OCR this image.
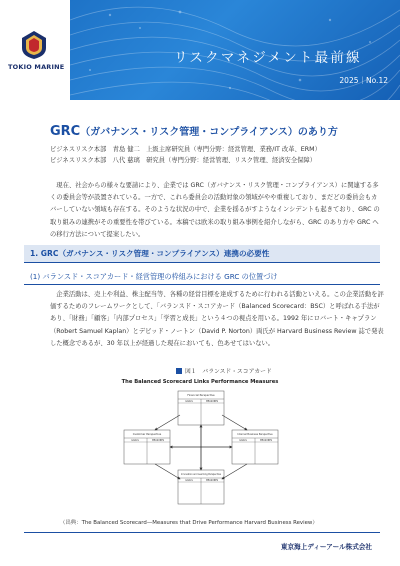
TOKIO MARINE
リスクマネジメント最前線
2025｜No.12
GRC（ガバナンス・リスク管理・コンプライアンス）のあり方
ビジネスリスク本部　青島 健二　上級主席研究員（専門分野：経営管理、業務/IT 改革、ERM）
ビジネスリスク本部　八代 慈璃　研究員（専門分野：経営管理、リスク管理、経済安全保障）
現在、社会からの様々な要請により、企業では GRC（ガバナンス・リスク管理・コンプライアンス）に関連する多くの委員会等が設置されている。一方で、これら委員会の活動対象の領域がやや重複しており、まだどの委員会もカバーしていない領域も存在する。そのような状況の中で、企業を揺るがすようなインシデントも起きており、GRC の取り組みの連携がその重要性を帯びている。本稿では欧米の取り組み事例を紹介しながら、GRC のあり方や GRC への移行方法について提案したい。
1. GRC（ガバナンス・リスク管理・コンプライアンス）連携の必要性
(1) バランスド・スコアカード・経営管理の枠組みにおける GRC の位置づけ
企業活動は、売上や利益、株主配当等、各種の経営目標を達成するために行われる活動といえる。この企業活動を評価するためのフレームワークとして、「バランスド・スコアカード（Balanced Scorecard：BSC）と呼ばれる手法があり、「財務」「顧客」「内部プロセス」「学習と成長」という４つの視点を用いる。1992 年にロバート・キャプラン（Robert Samuel Kaplan）とデビッド・ノートン（David P. Norton）両氏が Harvard Business Review 誌で発表した概念であるが、30 年以上が経過した現在においても、色あせてはいない。
図１　バランスド・スコアカード
The Balanced Scorecard Links Performance Measures
Financial Perspective
GOALS	MEASURES
Customer Perspective
GOALS	MEASURES
Internal Business Perspective
GOALS	MEASURES
Innovation and Learning Perspective
GOALS	MEASURES
（出典：The Balanced Scorecard—Measures that Drive Performance Harvard Business Review）
東京海上ディーアール株式会社
